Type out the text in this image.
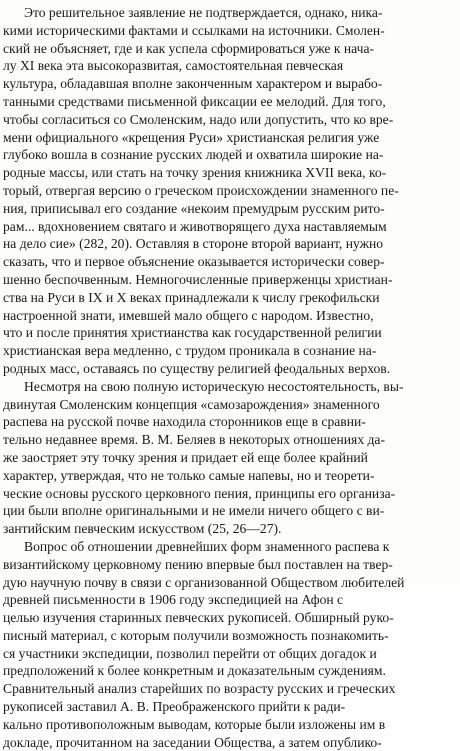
Это решительное заявление не подтверждается, однако, ника-
кими историческими фактами и ссылками на источники. Смолен-
ский не объясняет, где и как успела сформироваться уже к нача-
лу XI века эта высокоразвитая, самостоятельная певческая
культура, обладавшая вполне законченным характером и вырабо-
танными средствами письменной фиксации ее мелодий. Для того,
чтобы согласиться со Смоленским, надо или допустить, что ко вре-
мени официального «крещения Руси» христианская религия уже
глубоко вошла в сознание русских людей и охватила широкие на-
родные массы, или стать на точку зрения книжника XVII века, ко-
торый, отвергая версию о греческом происхождении знаменного пе-
ния, приписывал его создание «некоим премудрым русским рито-
рам... вдохновением святаго и животворящего духа наставляемым
на дело сие» (282, 20). Оставляя в стороне второй вариант, нужно
сказать, что и первое объяснение оказывается исторически совер-
шенно беспочвенным. Немногочисленные приверженцы христиан-
ства на Руси в IX и X веках принадлежали к числу грекофильски
настроенной знати, имевшей мало общего с народом. Известно,
что и после принятия христианства как государственной религии
христианская вера медленно, с трудом проникала в сознание на-
родных масс, оставаясь по существу религией феодальных верхов.
Несмотря на свою полную историческую несостоятельность, вы-
двинутая Смоленским концепция «самозарождения» знаменного
распева на русской почве находила сторонников еще в сравни-
тельно недавнее время. В. М. Беляев в некоторых отношениях да-
же заостряет эту точку зрения и придает ей еще более крайний
характер, утверждая, что не только самые напевы, но и теорети-
ческие основы русского церковного пения, принципы его организа-
ции были вполне оригинальными и не имели ничего общего с ви-
зантийским певческим искусством (25, 26—27).
Вопрос об отношении древнейших форм знаменного распева к
византийскому церковному пению впервые был поставлен на твер-
дую научную почву в связи с организованной Обществом любителей
древней письменности в 1906 году экспедицией на Афон с
целью изучения старинных певческих рукописей. Обширный руко-
писный материал, с которым получили возможность познакомить-
ся участники экспедиции, позволил перейти от общих догадок и
предположений к более конкретным и доказательным суждениям.
Сравнительный анализ старейших по возрасту русских и греческих
рукописей заставил А. В. Преображенского прийти к ради-
кально противоположным выводам, которые были изложены им в
докладе, прочитанном на заседании Общества, а затем опублико-
